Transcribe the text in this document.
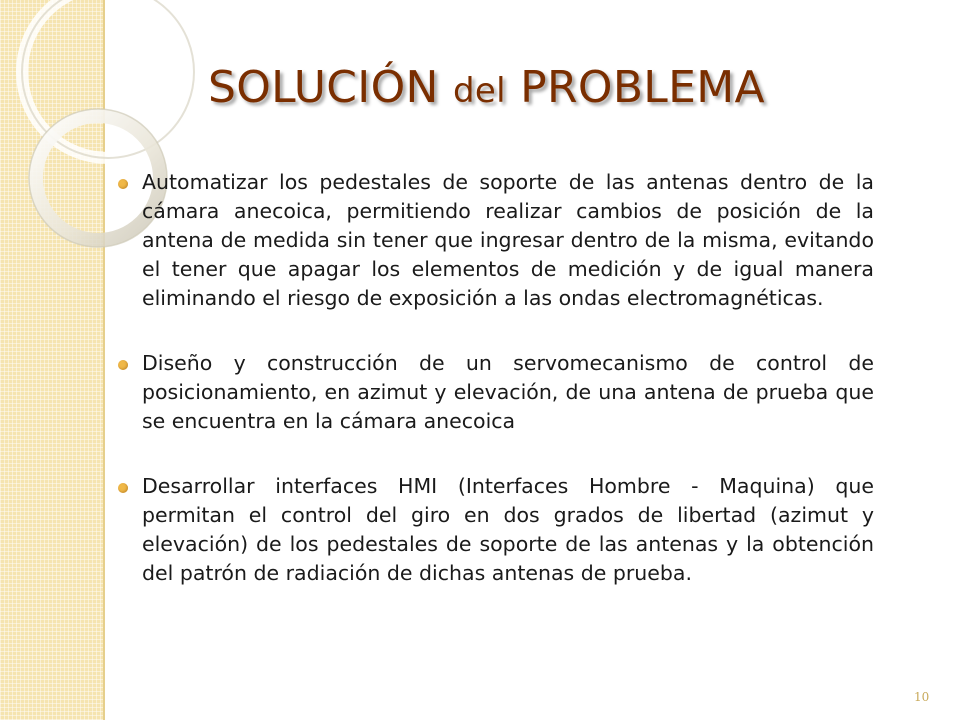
SOLUCIÓN del PROBLEMA
Automatizar los pedestales de soporte de las antenas dentro de la cámara anecoica, permitiendo realizar cambios de posición de la antena de medida sin tener que ingresar dentro de la misma, evitando el tener que apagar los elementos de medición y de igual manera eliminando el riesgo de exposición a las ondas electromagnéticas.
Diseño y construcción de un servomecanismo de control de posicionamiento, en azimut y elevación, de una antena de prueba que se encuentra en la cámara anecoica
Desarrollar interfaces HMI (Interfaces Hombre - Maquina) que permitan el control del giro en dos grados de libertad (azimut y elevación) de los pedestales de soporte de las antenas y la obtención del patrón de radiación de dichas antenas de prueba.
10
